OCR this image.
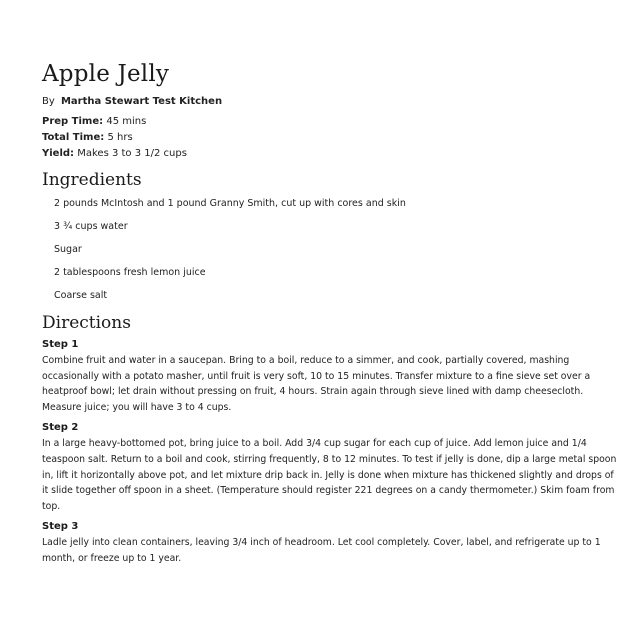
Apple Jelly
By Martha Stewart Test Kitchen
Prep Time: 45 mins
Total Time: 5 hrs
Yield: Makes 3 to 3 1/2 cups
Ingredients
2 pounds McIntosh and 1 pound Granny Smith, cut up with cores and skin
3 ¾ cups water
Sugar
2 tablespoons fresh lemon juice
Coarse salt
Directions
Step 1

Combine fruit and water in a saucepan. Bring to a boil, reduce to a simmer, and cook, partially covered, mashing occasionally with a potato masher, until fruit is very soft, 10 to 15 minutes. Transfer mixture to a fine sieve set over a heatproof bowl; let drain without pressing on fruit, 4 hours. Strain again through sieve lined with damp cheesecloth. Measure juice; you will have 3 to 4 cups.

Step 2

In a large heavy-bottomed pot, bring juice to a boil. Add 3/4 cup sugar for each cup of juice. Add lemon juice and 1/4 teaspoon salt. Return to a boil and cook, stirring frequently, 8 to 12 minutes. To test if jelly is done, dip a large metal spoon in, lift it horizontally above pot, and let mixture drip back in. Jelly is done when mixture has thickened slightly and drops of it slide together off spoon in a sheet. (Temperature should register 221 degrees on a candy thermometer.) Skim foam from top.

Step 3

Ladle jelly into clean containers, leaving 3/4 inch of headroom. Let cool completely. Cover, label, and refrigerate up to 1 month, or freeze up to 1 year.
